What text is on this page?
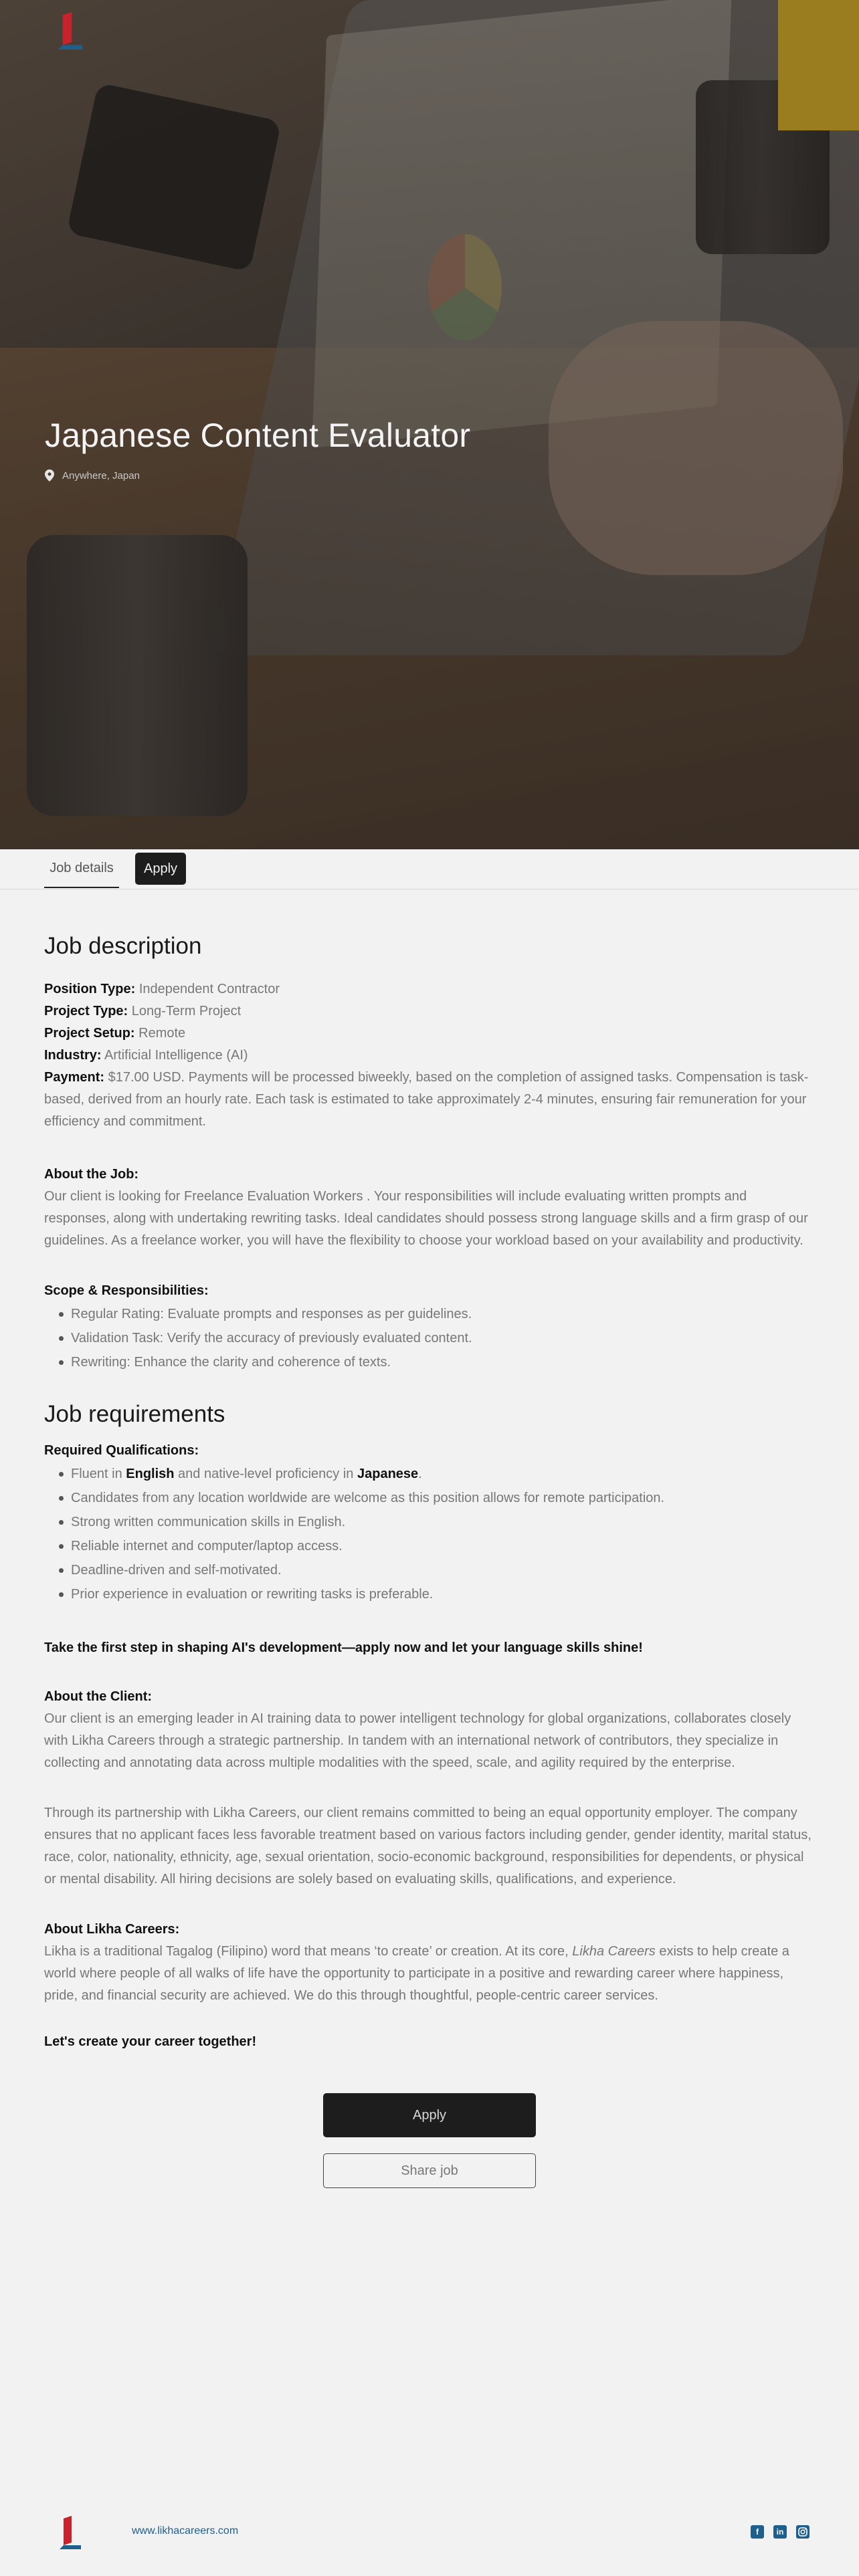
Japanese Content Evaluator
Anywhere, Japan
Job details	Apply
Job description
Position Type: Independent Contractor
Project Type: Long-Term Project
Project Setup: Remote
Industry: Artificial Intelligence (AI)
Payment: $17.00 USD. Payments will be processed biweekly, based on the completion of assigned tasks. Compensation is task-based, derived from an hourly rate. Each task is estimated to take approximately 2-4 minutes, ensuring fair remuneration for your efficiency and commitment.
About the Job:

Our client is looking for Freelance Evaluation Workers . Your responsibilities will include evaluating written prompts and responses, along with undertaking rewriting tasks. Ideal candidates should possess strong language skills and a firm grasp of our guidelines. As a freelance worker, you will have the flexibility to choose your workload based on your availability and productivity.

Scope & Responsibilities:
Regular Rating: Evaluate prompts and responses as per guidelines.
Validation Task: Verify the accuracy of previously evaluated content.
Rewriting: Enhance the clarity and coherence of texts.
Job requirements
Required Qualifications:
Fluent in English and native-level proficiency in Japanese.
Candidates from any location worldwide are welcome as this position allows for remote participation.
Strong written communication skills in English.
Reliable internet and computer/laptop access.
Deadline-driven and self-motivated.
Prior experience in evaluation or rewriting tasks is preferable.
Take the first step in shaping AI's development—apply now and let your language skills shine!
About the Client:

Our client is an emerging leader in AI training data to power intelligent technology for global organizations, collaborates closely with Likha Careers through a strategic partnership. In tandem with an international network of contributors, they specialize in collecting and annotating data across multiple modalities with the speed, scale, and agility required by the enterprise.

Through its partnership with Likha Careers, our client remains committed to being an equal opportunity employer. The company ensures that no applicant faces less favorable treatment based on various factors including gender, gender identity, marital status, race, color, nationality, ethnicity, age, sexual orientation, socio-economic background, responsibilities for dependents, or physical or mental disability. All hiring decisions are solely based on evaluating skills, qualifications, and experience.

About Likha Careers:

Likha is a traditional Tagalog (Filipino) word that means ‘to create’ or creation. At its core, Likha Careers exists to help create a world where people of all walks of life have the opportunity to participate in a positive and rewarding career where happiness, pride, and financial security are achieved. We do this through thoughtful, people-centric career services.

Let's create your career together!
Apply
Share job
www.likhacareers.com	f	in
